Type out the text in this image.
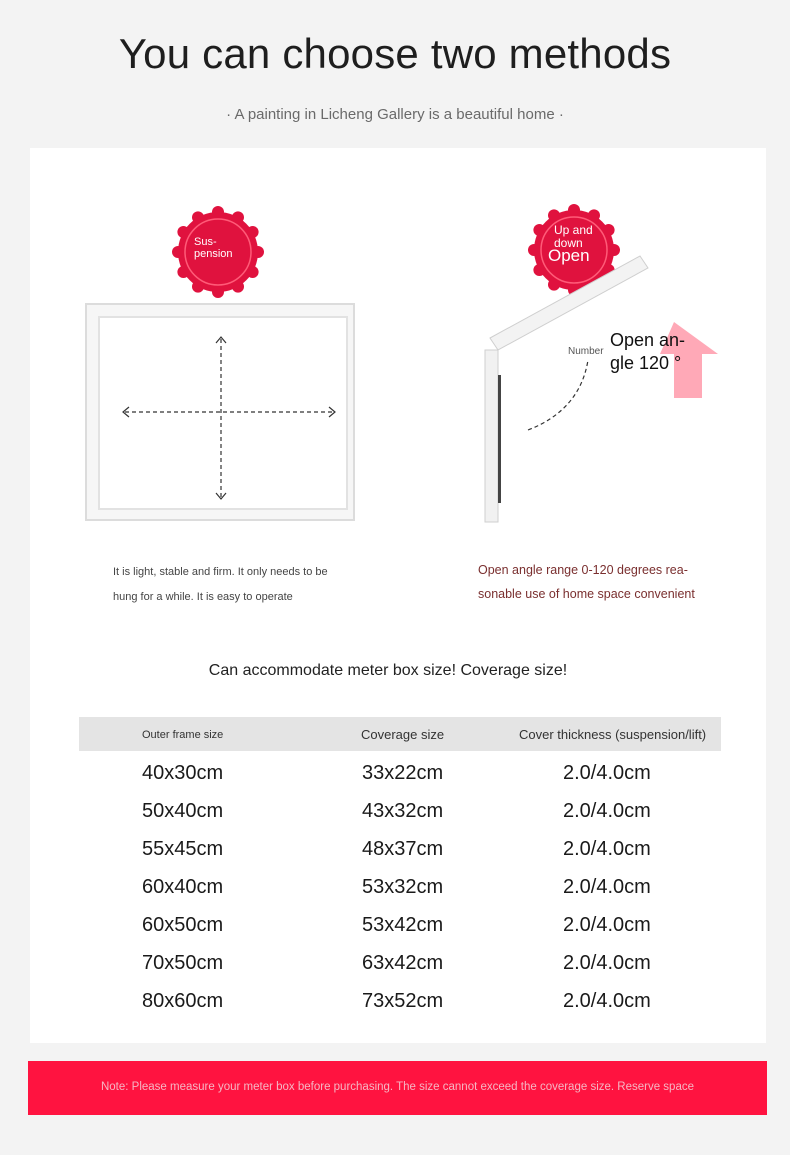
You can choose two methods
· A painting in Licheng Gallery is a beautiful home ·
Sus-
pension
Up and
down
Open
Number
Open an-gle 120 °
It is light, stable and firm. It only needs to be hung for a while. It is easy to operate
Open angle range 0-120 degrees rea-sonable use of home space convenient
Can accommodate meter box size! Coverage size!
Outer frame size	Coverage size	Cover thickness (suspension/lift)
40x30cm	33x22cm	2.0/4.0cm
50x40cm	43x32cm	2.0/4.0cm
55x45cm	48x37cm	2.0/4.0cm
60x40cm	53x32cm	2.0/4.0cm
60x50cm	53x42cm	2.0/4.0cm
70x50cm	63x42cm	2.0/4.0cm
80x60cm	73x52cm	2.0/4.0cm
Note: Please measure your meter box before purchasing. The size cannot exceed the coverage size. Reserve space
